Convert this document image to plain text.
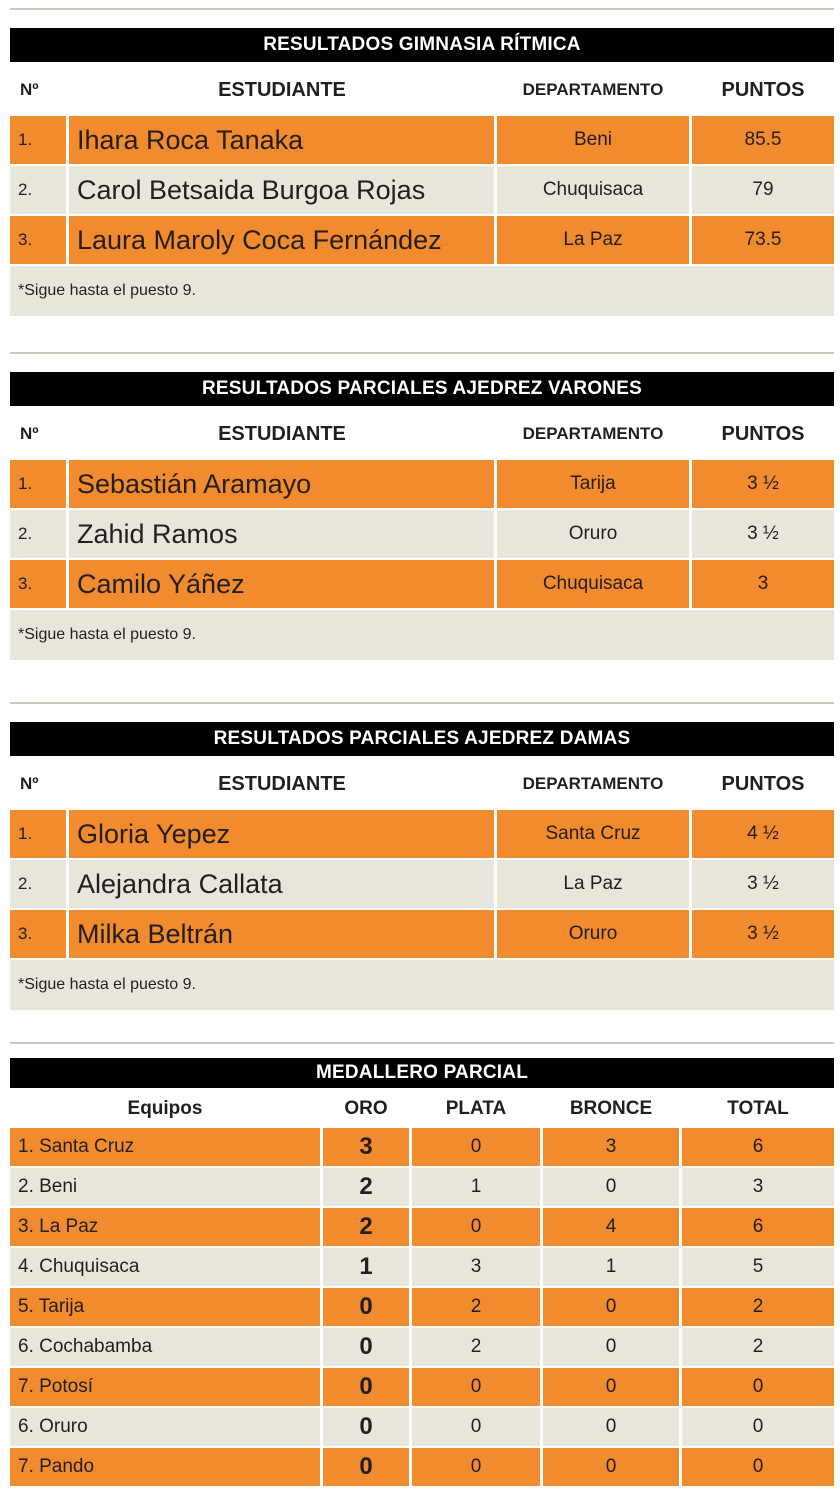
RESULTADOS GIMNASIA RÍTMICA
Nº	ESTUDIANTE	DEPARTAMENTO	PUNTOS
1.	Ihara Roca Tanaka	Beni	85.5
2.	Carol Betsaida Burgoa Rojas	Chuquisaca	79
3.	Laura Maroly Coca Fernández	La Paz	73.5
*Sigue hasta el puesto 9.
RESULTADOS PARCIALES AJEDREZ VARONES
Nº	ESTUDIANTE	DEPARTAMENTO	PUNTOS
1.	Sebastián Aramayo	Tarija	3 ½
2.	Zahid Ramos	Oruro	3 ½
3.	Camilo Yáñez	Chuquisaca	3
*Sigue hasta el puesto 9.
RESULTADOS PARCIALES AJEDREZ DAMAS
Nº	ESTUDIANTE	DEPARTAMENTO	PUNTOS
1.	Gloria Yepez	Santa Cruz	4 ½
2.	Alejandra Callata	La Paz	3 ½
3.	Milka Beltrán	Oruro	3 ½
*Sigue hasta el puesto 9.
MEDALLERO PARCIAL
Equipos	ORO	PLATA	BRONCE	TOTAL
1. Santa Cruz	3	0	3	6
2. Beni	2	1	0	3
3. La Paz	2	0	4	6
4. Chuquisaca	1	3	1	5
5. Tarija	0	2	0	2
6. Cochabamba	0	2	0	2
7. Potosí	0	0	0	0
6. Oruro	0	0	0	0
7. Pando	0	0	0	0
